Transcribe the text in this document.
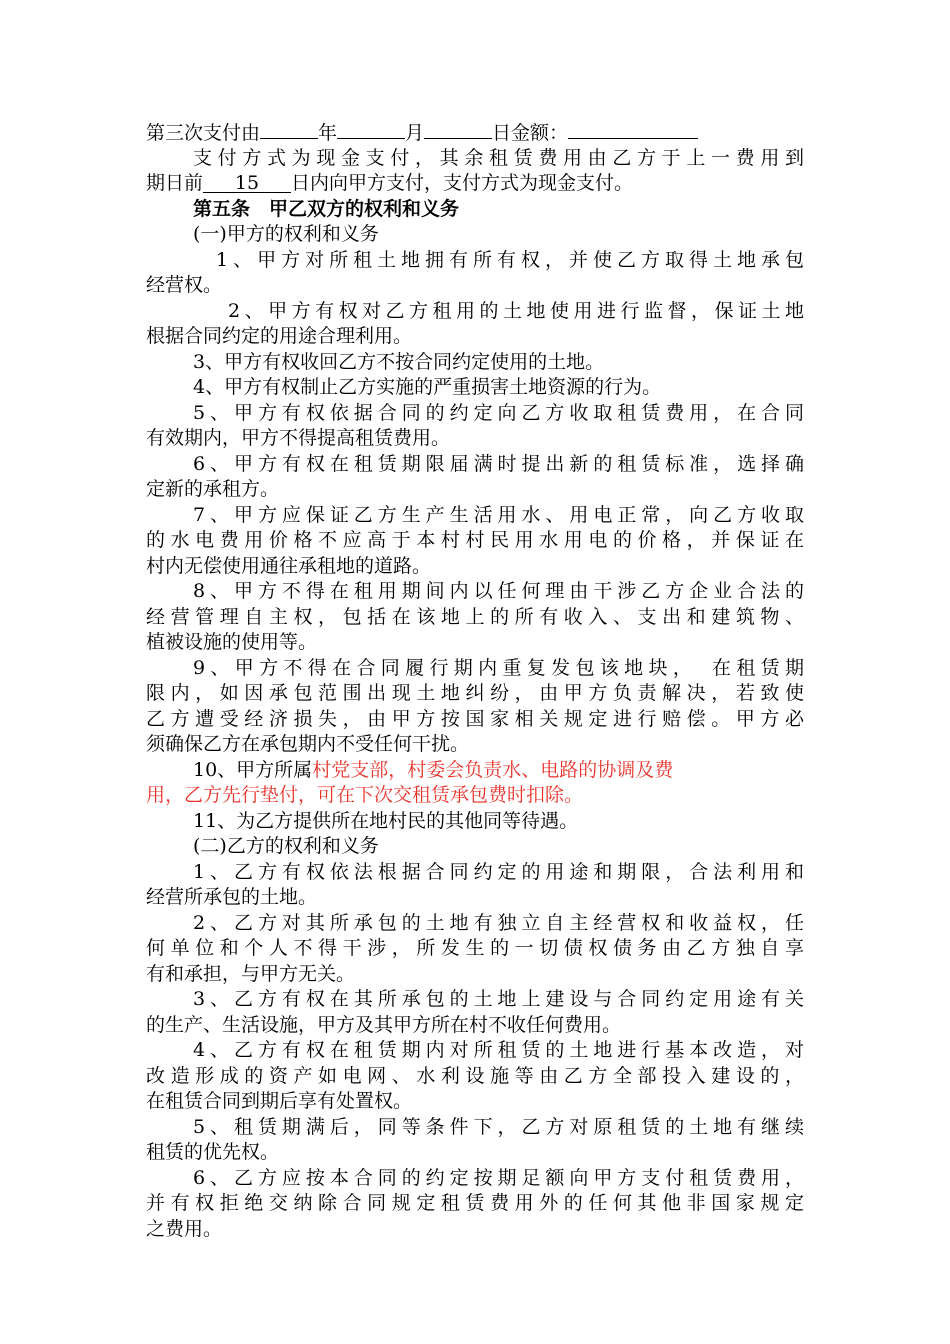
第三次支付由	年	月	日金额：
支付方式为现金支付，其余租赁费用由乙方于上一费用到
期日前 15 日内向甲方支付，支付方式为现金支付。
第五条　甲乙双方的权利和义务
(一)甲方的权利和义务
1、甲方对所租土地拥有所有权，并使乙方取得土地承包
经营权。
2、甲方有权对乙方租用的土地使用进行监督，保证土地
根据合同约定的用途合理利用。
3、甲方有权收回乙方不按合同约定使用的土地。
4、甲方有权制止乙方实施的严重损害土地资源的行为。
5、甲方有权依据合同的约定向乙方收取租赁费用，在合同
有效期内，甲方不得提高租赁费用。
6、甲方有权在租赁期限届满时提出新的租赁标准，选择确
定新的承租方。
7、甲方应保证乙方生产生活用水、用电正常，向乙方收取
的水电费用价格不应高于本村村民用水用电的价格，并保证在
村内无偿使用通往承租地的道路。
8、甲方不得在租用期间内以任何理由干涉乙方企业合法的
经营管理自主权，包括在该地上的所有收入、支出和建筑物、
植被设施的使用等。
9、甲方不得在合同履行期内重复发包该地块，　在租赁期
限内，如因承包范围出现土地纠纷，由甲方负责解决，若致使
乙方遭受经济损失，由甲方按国家相关规定进行赔偿。甲方必
须确保乙方在承包期内不受任何干扰。
10、甲方所属村党支部，村委会负责水、电路的协调及费
用，乙方先行垫付，可在下次交租赁承包费时扣除。
11、为乙方提供所在地村民的其他同等待遇。
(二)乙方的权利和义务
1、乙方有权依法根据合同约定的用途和期限，合法利用和
经营所承包的土地。
2、乙方对其所承包的土地有独立自主经营权和收益权，任
何单位和个人不得干涉，所发生的一切债权债务由乙方独自享
有和承担，与甲方无关。
3、乙方有权在其所承包的土地上建设与合同约定用途有关
的生产、生活设施，甲方及其甲方所在村不收任何费用。
4、乙方有权在租赁期内对所租赁的土地进行基本改造，对
改造形成的资产如电网、水利设施等由乙方全部投入建设的，
在租赁合同到期后享有处置权。
5、租赁期满后，同等条件下，乙方对原租赁的土地有继续
租赁的优先权。
6、乙方应按本合同的约定按期足额向甲方支付租赁费用，
并有权拒绝交纳除合同规定租赁费用外的任何其他非国家规定
之费用。
